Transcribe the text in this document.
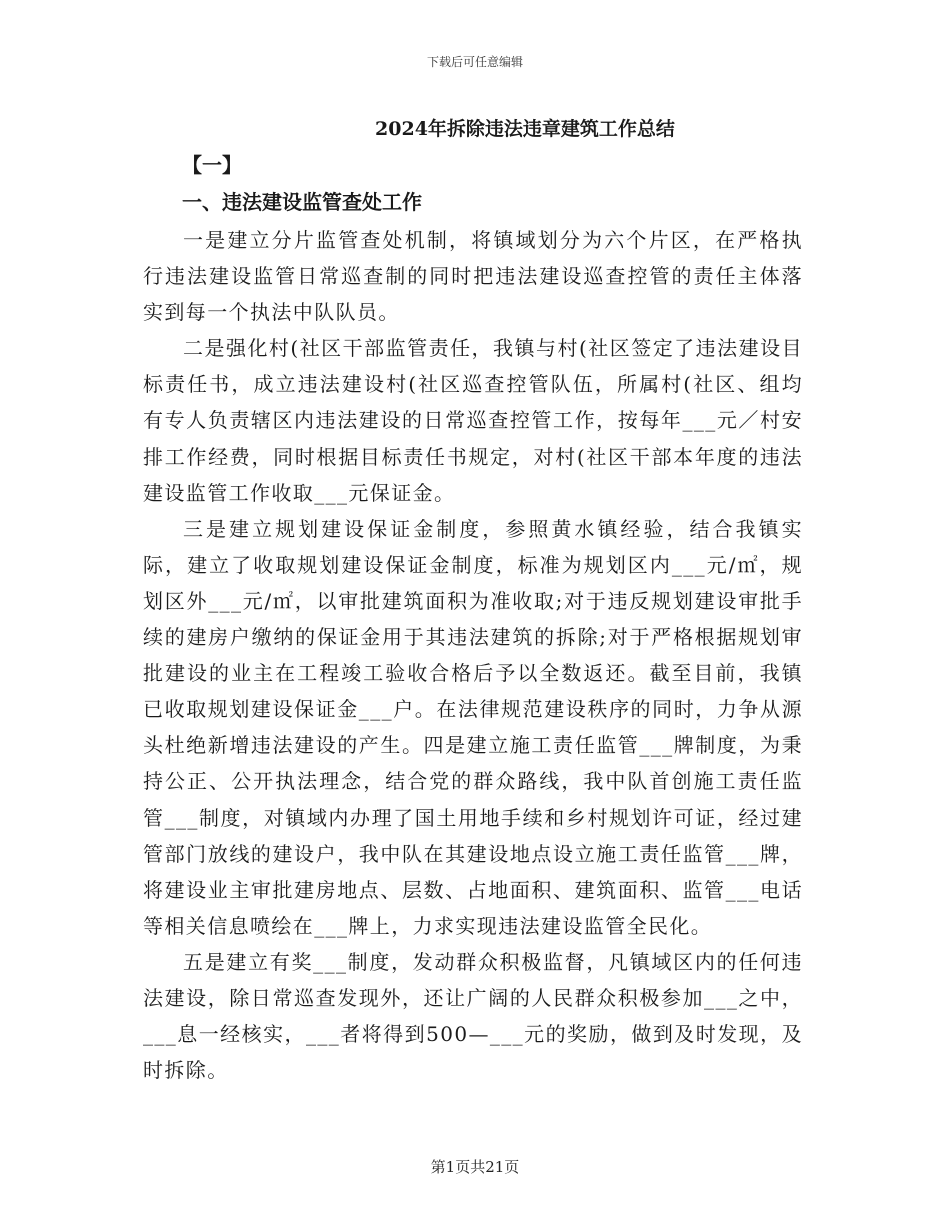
下载后可任意编辑
2024年拆除违法违章建筑工作总结
【一】
一、违法建设监管查处工作

一是建立分片监管查处机制，将镇域划分为六个片区，在严格执行违法建设监管日常巡查制的同时把违法建设巡查控管的责任主体落实到每一个执法中队队员。

二是强化村(社区干部监管责任，我镇与村(社区签定了违法建设目标责任书，成立违法建设村(社区巡查控管队伍，所属村(社区、组均有专人负责辖区内违法建设的日常巡查控管工作，按每年___元／村安排工作经费，同时根据目标责任书规定，对村(社区干部本年度的违法建设监管工作收取___元保证金。

三是建立规划建设保证金制度，参照黄水镇经验，结合我镇实际，建立了收取规划建设保证金制度，标准为规划区内___元/㎡，规划区外___元/㎡，以审批建筑面积为准收取;对于违反规划建设审批手续的建房户缴纳的保证金用于其违法建筑的拆除;对于严格根据规划审批建设的业主在工程竣工验收合格后予以全数返还。截至目前，我镇已收取规划建设保证金___户。在法律规范建设秩序的同时，力争从源头杜绝新增违法建设的产生。四是建立施工责任监管___牌制度，为秉持公正、公开执法理念，结合党的群众路线，我中队首创施工责任监管___制度，对镇域内办理了国土用地手续和乡村规划许可证，经过建管部门放线的建设户，我中队在其建设地点设立施工责任监管___牌，将建设业主审批建房地点、层数、占地面积、建筑面积、监管___电话等相关信息喷绘在___牌上，力求实现违法建设监管全民化。

五是建立有奖___制度，发动群众积极监督，凡镇域区内的任何违法建设，除日常巡查发现外，还让广阔的人民群众积极参加___之中，___息一经核实，___者将得到500—___元的奖励，做到及时发现，及时拆除。

第1页共21页
